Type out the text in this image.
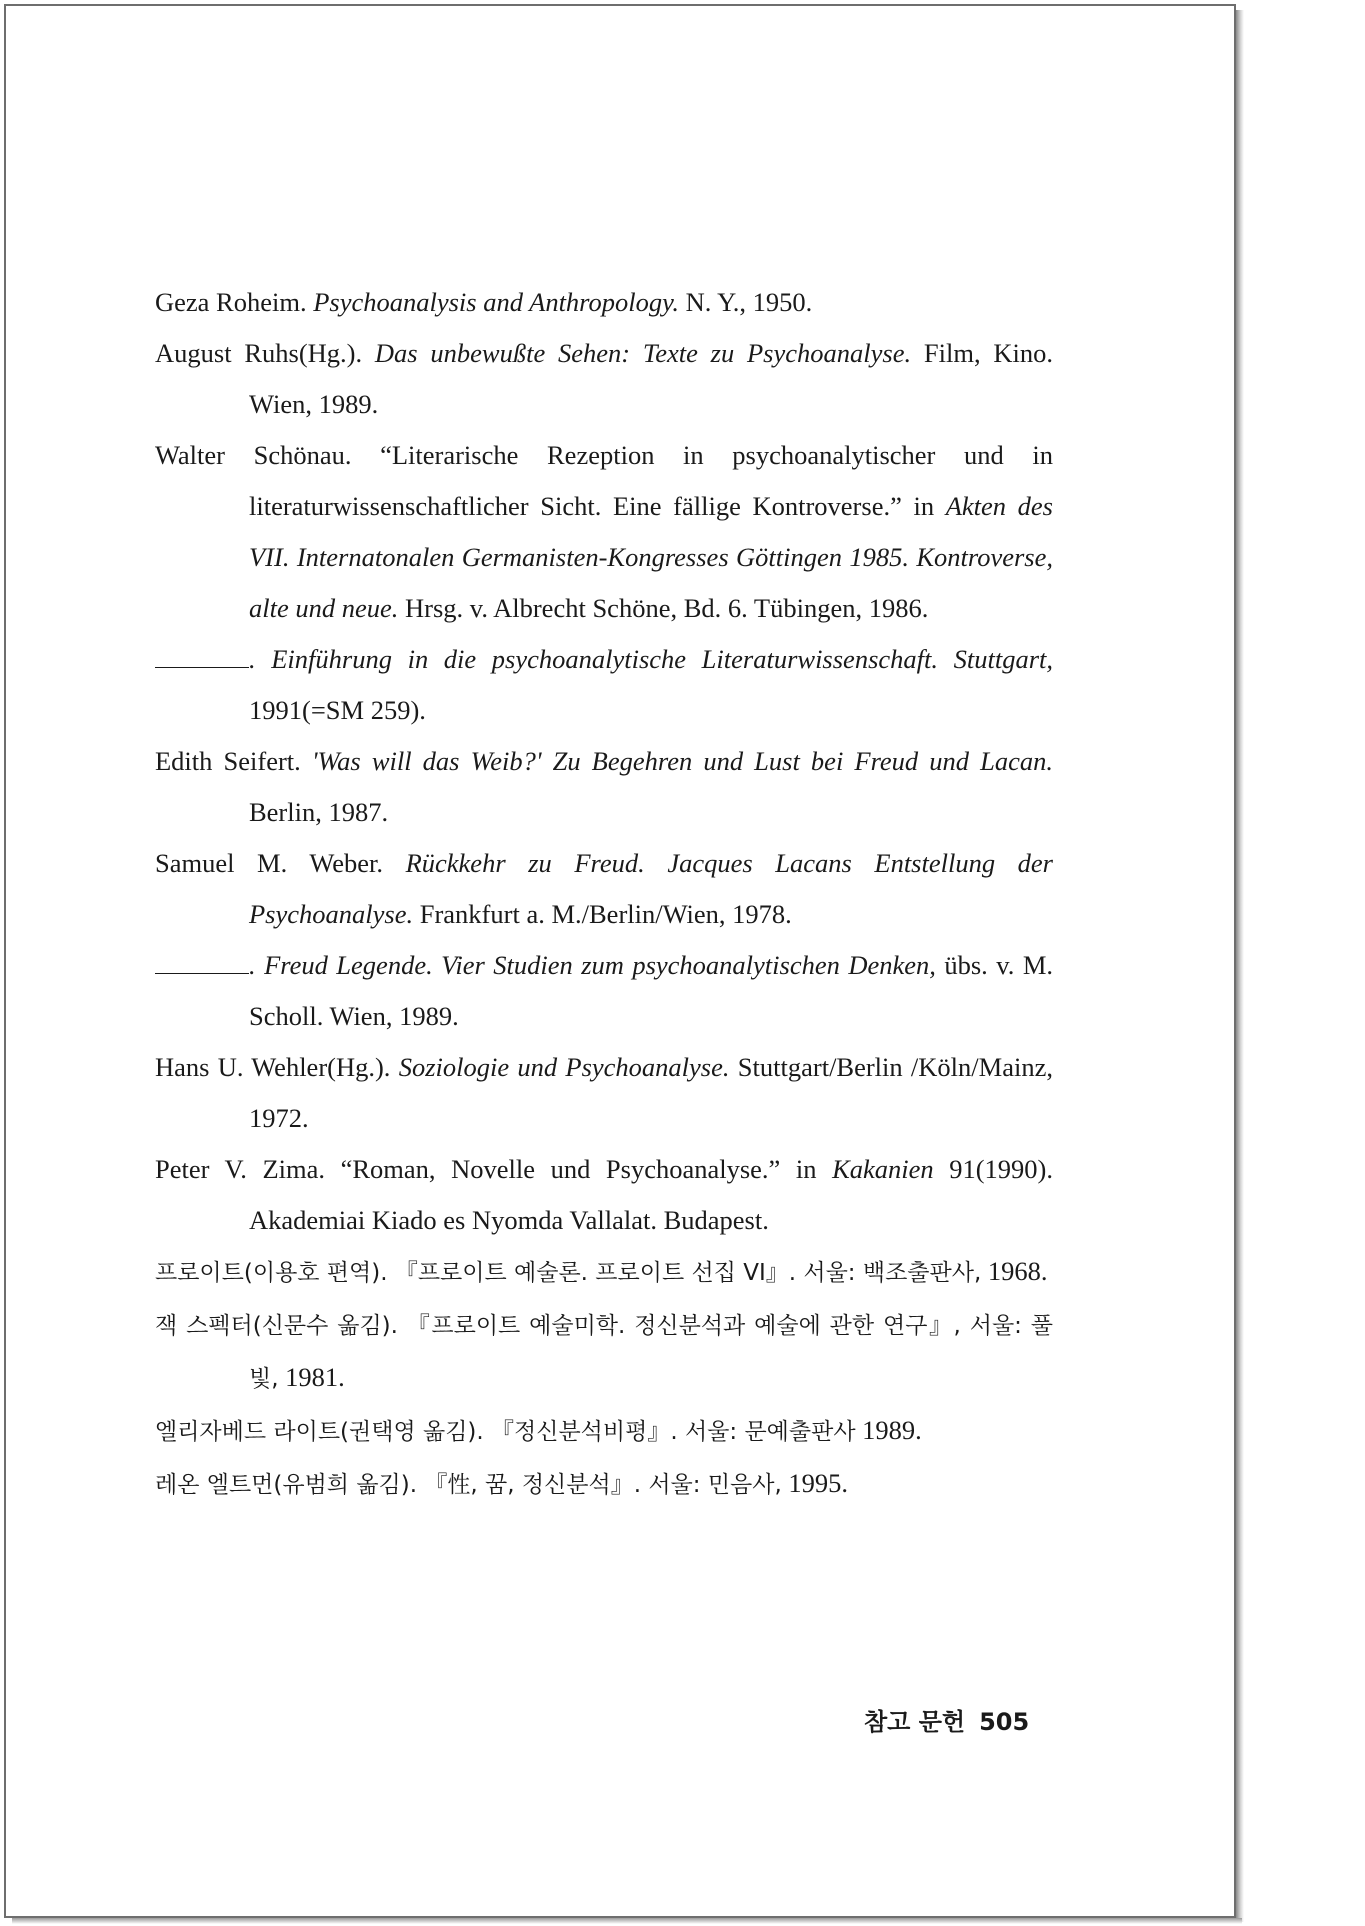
Geza Roheim. Psychoanalysis and Anthropology. N. Y., 1950.

August Ruhs(Hg.). Das unbewußte Sehen: Texte zu Psychoanalyse. Film, Kino. Wien, 1989.

Walter Schönau. “Literarische Rezeption in psychoanalytischer und in literaturwissenschaftlicher Sicht. Eine fällige Kontroverse.” in Akten des VII. Internatonalen Germanisten-Kongresses Göttingen 1985. Kontroverse, alte und neue. Hrsg. v. Albrecht Schöne, Bd. 6. Tübingen, 1986.

. Einführung in die psychoanalytische Literaturwissenschaft. Stuttgart, 1991(=SM 259).

Edith Seifert. 'Was will das Weib?' Zu Begehren und Lust bei Freud und Lacan. Berlin, 1987.

Samuel M. Weber. Rückkehr zu Freud. Jacques Lacans Entstellung der Psychoanalyse. Frankfurt a. M./Berlin/Wien, 1978.

. Freud Legende. Vier Studien zum psychoanalytischen Denken, übs. v. M. Scholl. Wien, 1989.

Hans U. Wehler(Hg.). Soziologie und Psychoanalyse. Stuttgart/Berlin /Köln/Mainz, 1972.

Peter V. Zima. “Roman, Novelle und Psychoanalyse.” in Kakanien 91(1990). Akademiai Kiado es Nyomda Vallalat. Budapest.

프로이트(이용호 편역). 『프로이트 예술론. 프로이트 선집 VI』. 서울: 백조출판사, 1968.

잭 스펙터(신문수 옮김). 『프로이트 예술미학. 정신분석과 예술에 관한 연구』, 서울: 풀빛, 1981.

엘리자베드 라이트(권택영 옮김). 『정신분석비평』. 서울: 문예출판사 1989.

레온 엘트먼(유범희 옮김). 『性, 꿈, 정신분석』. 서울: 민음사, 1995.

참고 문헌 505
